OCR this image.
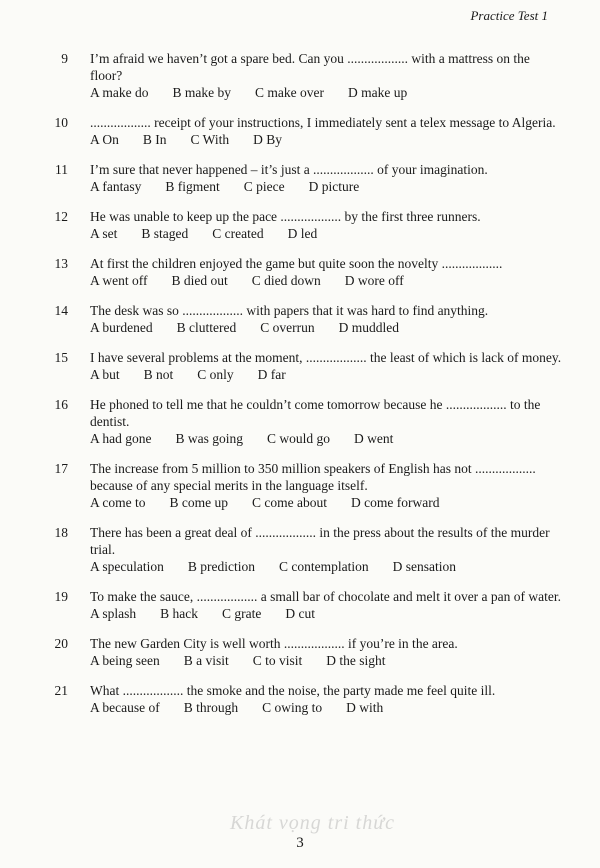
Practice Test 1
9 I’m afraid we haven’t got a spare bed. Can you .................. with a mattress on the floor?
A make do B make by C make over D make up
10 .................. receipt of your instructions, I immediately sent a telex message to Algeria.
A On B In C With D By
11 I’m sure that never happened – it’s just a .................. of your imagination.
A fantasy B figment C piece D picture
12 He was unable to keep up the pace .................. by the first three runners.
A set B staged C created D led
13 At first the children enjoyed the game but quite soon the novelty ..................
A went off B died out C died down D wore off
14 The desk was so .................. with papers that it was hard to find anything.
A burdened B cluttered C overrun D muddled
15 I have several problems at the moment, .................. the least of which is lack of money.
A but B not C only D far
16 He phoned to tell me that he couldn’t come tomorrow because he .................. to the dentist.
A had gone B was going C would go D went
17 The increase from 5 million to 350 million speakers of English has not .................. because of any special merits in the language itself.
A come to B come up C come about D come forward
18 There has been a great deal of .................. in the press about the results of the murder trial.
A speculation B prediction C contemplation D sensation
19 To make the sauce, .................. a small bar of chocolate and melt it over a pan of water.
A splash B hack C grate D cut
20 The new Garden City is well worth .................. if you’re in the area.
A being seen B a visit C to visit D the sight
21 What .................. the smoke and the noise, the party made me feel quite ill.
A because of B through C owing to D with
Khát vọng tri thức
3
